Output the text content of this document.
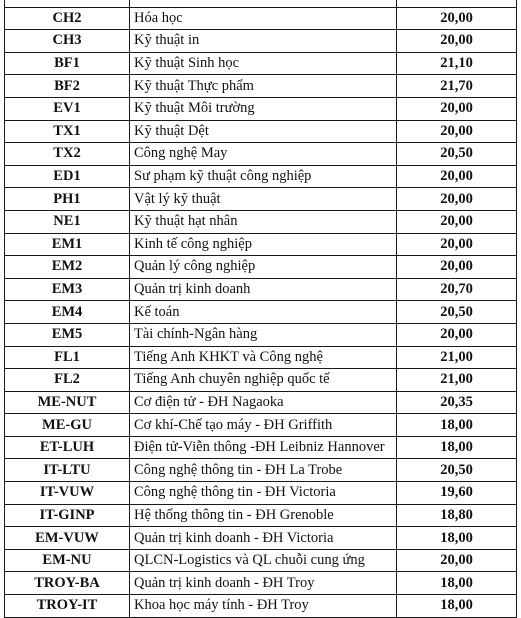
CH2	Hóa học	20,00
CH3	Kỹ thuật in	20,00
BF1	Kỹ thuật Sinh học	21,10
BF2	Kỹ thuật Thực phẩm	21,70
EV1	Kỹ thuật Môi trường	20,00
TX1	Kỹ thuật Dệt	20,00
TX2	Công nghệ May	20,50
ED1	Sư phạm kỹ thuật công nghiệp	20,00
PH1	Vật lý kỹ thuật	20,00
NE1	Kỹ thuật hạt nhân	20,00
EM1	Kinh tế công nghiệp	20,00
EM2	Quản lý công nghiệp	20,00
EM3	Quản trị kinh doanh	20,70
EM4	Kế toán	20,50
EM5	Tài chính-Ngân hàng	20,00
FL1	Tiếng Anh KHKT và Công nghệ	21,00
FL2	Tiếng Anh chuyên nghiệp quốc tế	21,00
ME-NUT	Cơ điện tử - ĐH Nagaoka	20,35
ME-GU	Cơ khí-Chế tạo máy - ĐH Griffith	18,00
ET-LUH	Điện tử-Viễn thông -ĐH Leibniz Hannover	18,00
IT-LTU	Công nghệ thông tin - ĐH La Trobe	20,50
IT-VUW	Công nghệ thông tin - ĐH Victoria	19,60
IT-GINP	Hệ thống thông tin - ĐH Grenoble	18,80
EM-VUW	Quản trị kinh doanh - ĐH Victoria	18,00
EM-NU	QLCN-Logistics và QL chuỗi cung ứng	20,00
TROY-BA	Quản trị kinh doanh - ĐH Troy	18,00
TROY-IT	Khoa học máy tính - ĐH Troy	18,00
